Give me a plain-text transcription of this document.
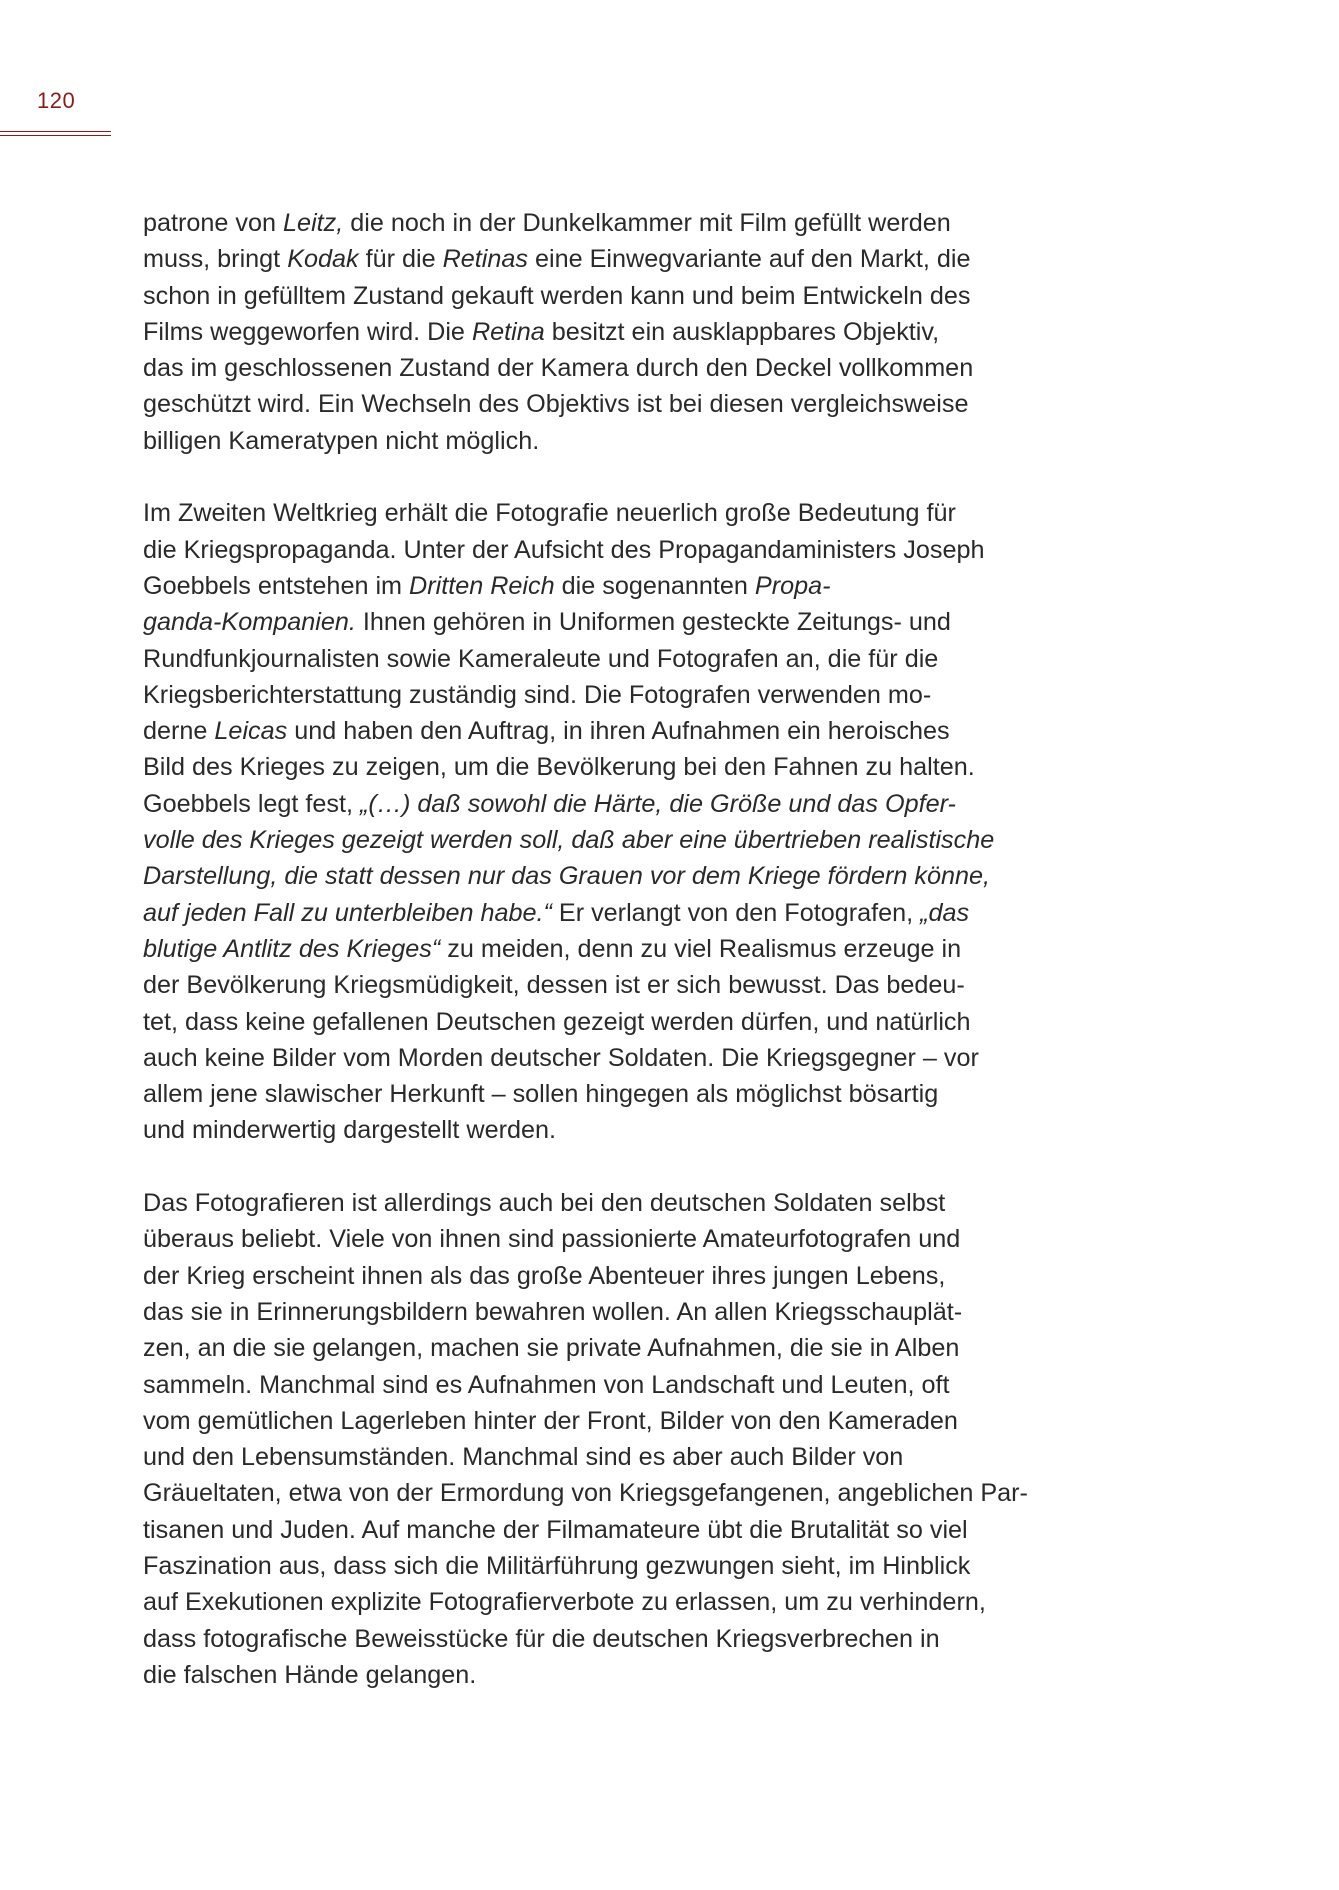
120

patrone von Leitz, die noch in der Dunkelkammer mit Film gefüllt werden
muss, bringt Kodak für die Retinas eine Einwegvariante auf den Markt, die
schon in gefülltem Zustand gekauft werden kann und beim Entwickeln des
Films weggeworfen wird. Die Retina besitzt ein ausklappbares Objektiv,
das im geschlossenen Zustand der Kamera durch den Deckel vollkommen
geschützt wird. Ein Wechseln des Objektivs ist bei diesen vergleichsweise
billigen Kameratypen nicht möglich.

Im Zweiten Weltkrieg erhält die Fotografie neuerlich große Bedeutung für
die Kriegspropaganda. Unter der Aufsicht des Propagandaministers Joseph
Goebbels entstehen im Dritten Reich die sogenannten Propa-
ganda-Kompanien. Ihnen gehören in Uniformen gesteckte Zeitungs- und
Rundfunkjournalisten sowie Kameraleute und Fotografen an, die für die
Kriegsberichterstattung zuständig sind. Die Fotografen verwenden mo-
derne Leicas und haben den Auftrag, in ihren Aufnahmen ein heroisches
Bild des Krieges zu zeigen, um die Bevölkerung bei den Fahnen zu halten.
Goebbels legt fest, „(…) daß sowohl die Härte, die Größe und das Opfer-
volle des Krieges gezeigt werden soll, daß aber eine übertrieben realistische
Darstellung, die statt dessen nur das Grauen vor dem Kriege fördern könne,
auf jeden Fall zu unterbleiben habe.“ Er verlangt von den Fotografen, „das
blutige Antlitz des Krieges“ zu meiden, denn zu viel Realismus erzeuge in
der Bevölkerung Kriegsmüdigkeit, dessen ist er sich bewusst. Das bedeu-
tet, dass keine gefallenen Deutschen gezeigt werden dürfen, und natürlich
auch keine Bilder vom Morden deutscher Soldaten. Die Kriegsgegner – vor
allem jene slawischer Herkunft – sollen hingegen als möglichst bösartig
und minderwertig dargestellt werden.

Das Fotografieren ist allerdings auch bei den deutschen Soldaten selbst
überaus beliebt. Viele von ihnen sind passionierte Amateurfotografen und
der Krieg erscheint ihnen als das große Abenteuer ihres jungen Lebens,
das sie in Erinnerungsbildern bewahren wollen. An allen Kriegsschauplät-
zen, an die sie gelangen, machen sie private Aufnahmen, die sie in Alben
sammeln. Manchmal sind es Aufnahmen von Landschaft und Leuten, oft
vom gemütlichen Lagerleben hinter der Front, Bilder von den Kameraden
und den Lebensumständen. Manchmal sind es aber auch Bilder von
Gräueltaten, etwa von der Ermordung von Kriegsgefangenen, angeblichen Par-
tisanen und Juden. Auf manche der Filmamateure übt die Brutalität so viel
Faszination aus, dass sich die Militärführung gezwungen sieht, im Hinblick
auf Exekutionen explizite Fotografierverbote zu erlassen, um zu verhindern,
dass fotografische Beweisstücke für die deutschen Kriegsverbrechen in
die falschen Hände gelangen.
